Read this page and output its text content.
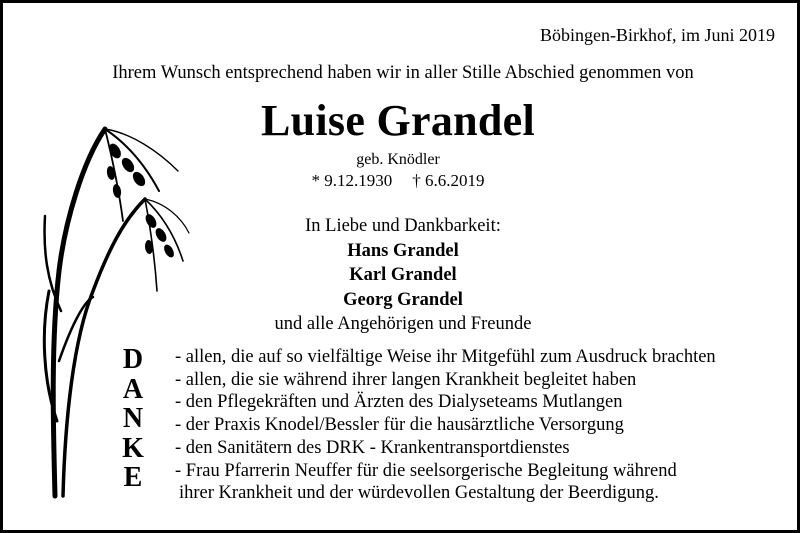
Böbingen-Birkhof, im Juni 2019
Ihrem Wunsch entsprechend haben wir in aller Stille Abschied genommen von
Luise Grandel
geb. Knödler
* 9.12.1930 † 6.6.2019
In Liebe und Dankbarkeit:
Hans Grandel
Karl Grandel
Georg Grandel
und alle Angehörigen und Freunde
D
A
N
K
E
- allen, die auf so vielfältige Weise ihr Mitgefühl zum Ausdruck brachten
- allen, die sie während ihrer langen Krankheit begleitet haben
- den Pflegekräften und Ärzten des Dialyseteams Mutlangen
- der Praxis Knodel/Bessler für die hausärztliche Versorgung
- den Sanitätern des DRK - Krankentransportdienstes
- Frau Pfarrerin Neuffer für die seelsorgerische Begleitung während
ihrer Krankheit und der würdevollen Gestaltung der Beerdigung.
